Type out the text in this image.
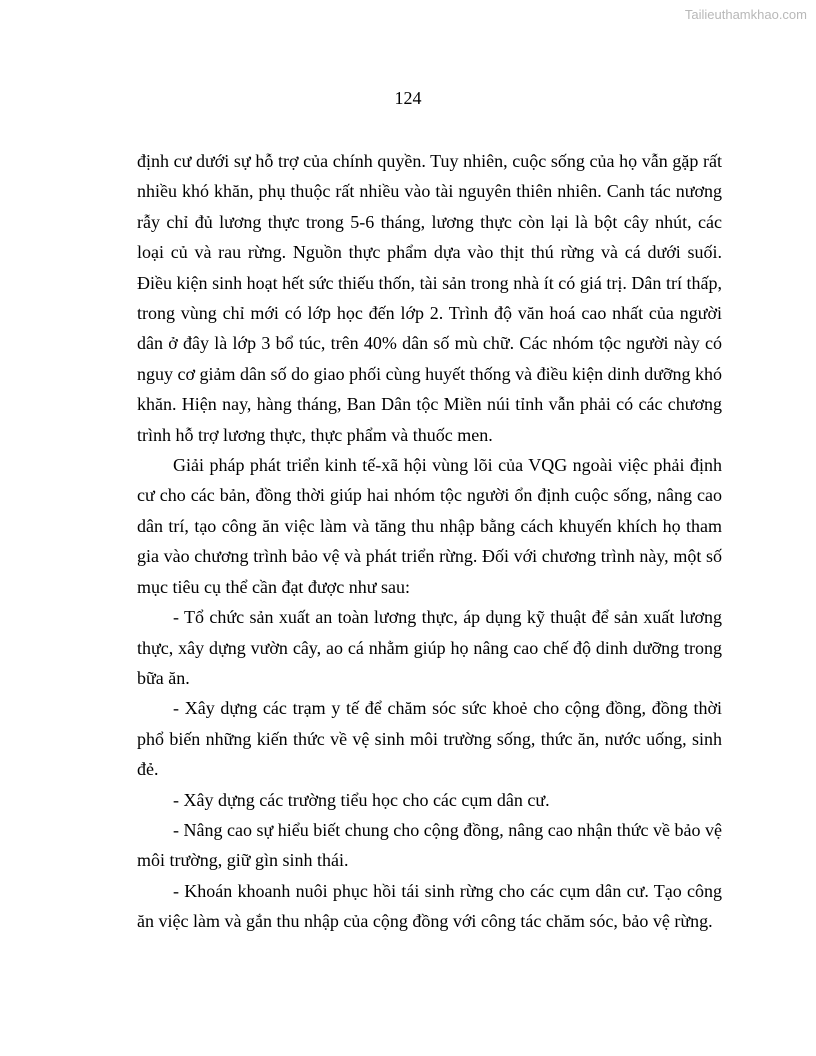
Tailieuthamkhao.com
124

định cư dưới sự hỗ trợ của chính quyền. Tuy nhiên, cuộc sống của họ vẫn gặp rất nhiều khó khăn, phụ thuộc rất nhiều vào tài nguyên thiên nhiên. Canh tác nương rẫy chỉ đủ lương thực trong 5-6 tháng, lương thực còn lại là bột cây nhút, các loại củ và rau rừng. Nguồn thực phẩm dựa vào thịt thú rừng và cá dưới suối. Điều kiện sinh hoạt hết sức thiếu thốn, tài sản trong nhà ít có giá trị. Dân trí thấp, trong vùng chỉ mới có lớp học đến lớp 2. Trình độ văn hoá cao nhất của người dân ở đây là lớp 3 bổ túc, trên 40% dân số mù chữ. Các nhóm tộc người này có nguy cơ giảm dân số do giao phối cùng huyết thống và điều kiện dinh dưỡng khó khăn. Hiện nay, hàng tháng, Ban Dân tộc Miền núi tỉnh vẫn phải có các chương trình hỗ trợ lương thực, thực phẩm và thuốc men.

Giải pháp phát triển kinh tế-xã hội vùng lõi của VQG ngoài việc phải định cư cho các bản, đồng thời giúp hai nhóm tộc người ổn định cuộc sống, nâng cao dân trí, tạo công ăn việc làm và tăng thu nhập bằng cách khuyến khích họ tham gia vào chương trình bảo vệ và phát triển rừng. Đối với chương trình này, một số mục tiêu cụ thể cần đạt được như sau:

- Tổ chức sản xuất an toàn lương thực, áp dụng kỹ thuật để sản xuất lương thực, xây dựng vườn cây, ao cá nhằm giúp họ nâng cao chế độ dinh dưỡng trong bữa ăn.

- Xây dựng các trạm y tế để chăm sóc sức khoẻ cho cộng đồng, đồng thời phổ biến những kiến thức về vệ sinh môi trường sống, thức ăn, nước uống, sinh đẻ.

- Xây dựng các trường tiểu học cho các cụm dân cư.

- Nâng cao sự hiểu biết chung cho cộng đồng, nâng cao nhận thức về bảo vệ môi trường, giữ gìn sinh thái.

- Khoán khoanh nuôi phục hồi tái sinh rừng cho các cụm dân cư. Tạo công ăn việc làm và gắn thu nhập của cộng đồng với công tác chăm sóc, bảo vệ rừng.
